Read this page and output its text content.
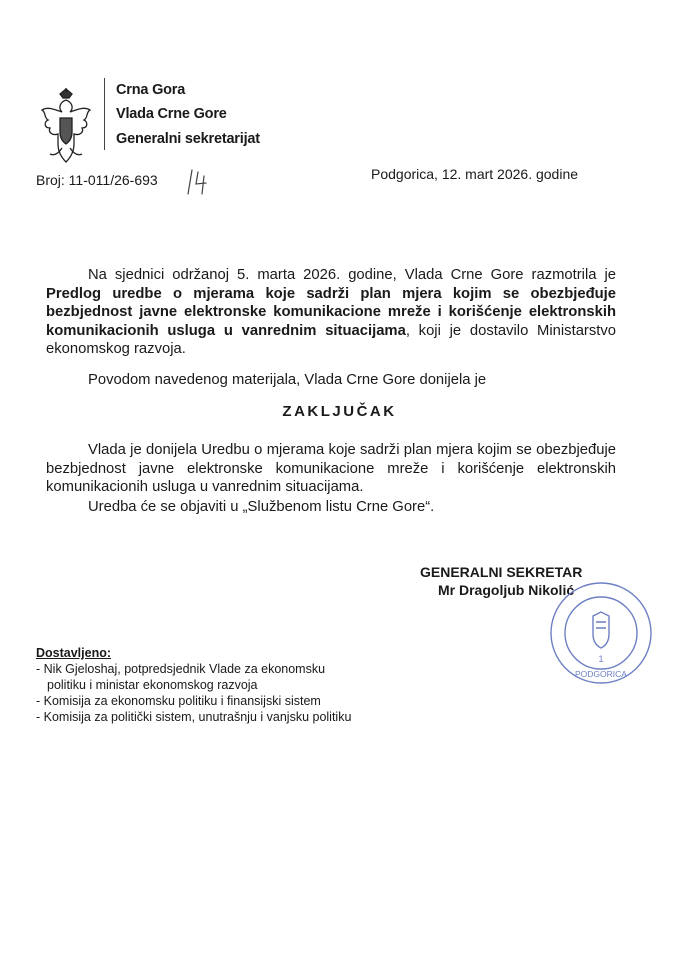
Crna Gora
Vlada Crne Gore
Generalni sekretarijat
Broj: 11-011/26-693	Podgorica, 12. mart 2026. godine
Na sjednici održanoj 5. marta 2026. godine, Vlada Crne Gore razmotrila je Predlog uredbe o mjerama koje sadrži plan mjera kojim se obezbjeđuje bezbjednost javne elektronske komunikacione mreže i korišćenje elektronskih komunikacionih usluga u vanrednim situacijama, koji je dostavilo Ministarstvo ekonomskog razvoja.
Povodom navedenog materijala, Vlada Crne Gore donijela je
ZAKLJUČAK
Vlada je donijela Uredbu o mjerama koje sadrži plan mjera kojim se obezbjeđuje bezbjednost javne elektronske komunikacione mreže i korišćenje elektronskih komunikacionih usluga u vanrednim situacijama.
Uredba će se objaviti u „Službenom listu Crne Gore“.
GENERALNI SEKRETAR
Mr Dragoljub Nikolić
1
PODGORICA
Dostavljeno:
- Nik Gjeloshaj, potpredsjednik Vlade za ekonomsku politiku i ministar ekonomskog razvoja
- Komisija za ekonomsku politiku i finansijski sistem
- Komisija za politički sistem, unutrašnju i vanjsku politiku
